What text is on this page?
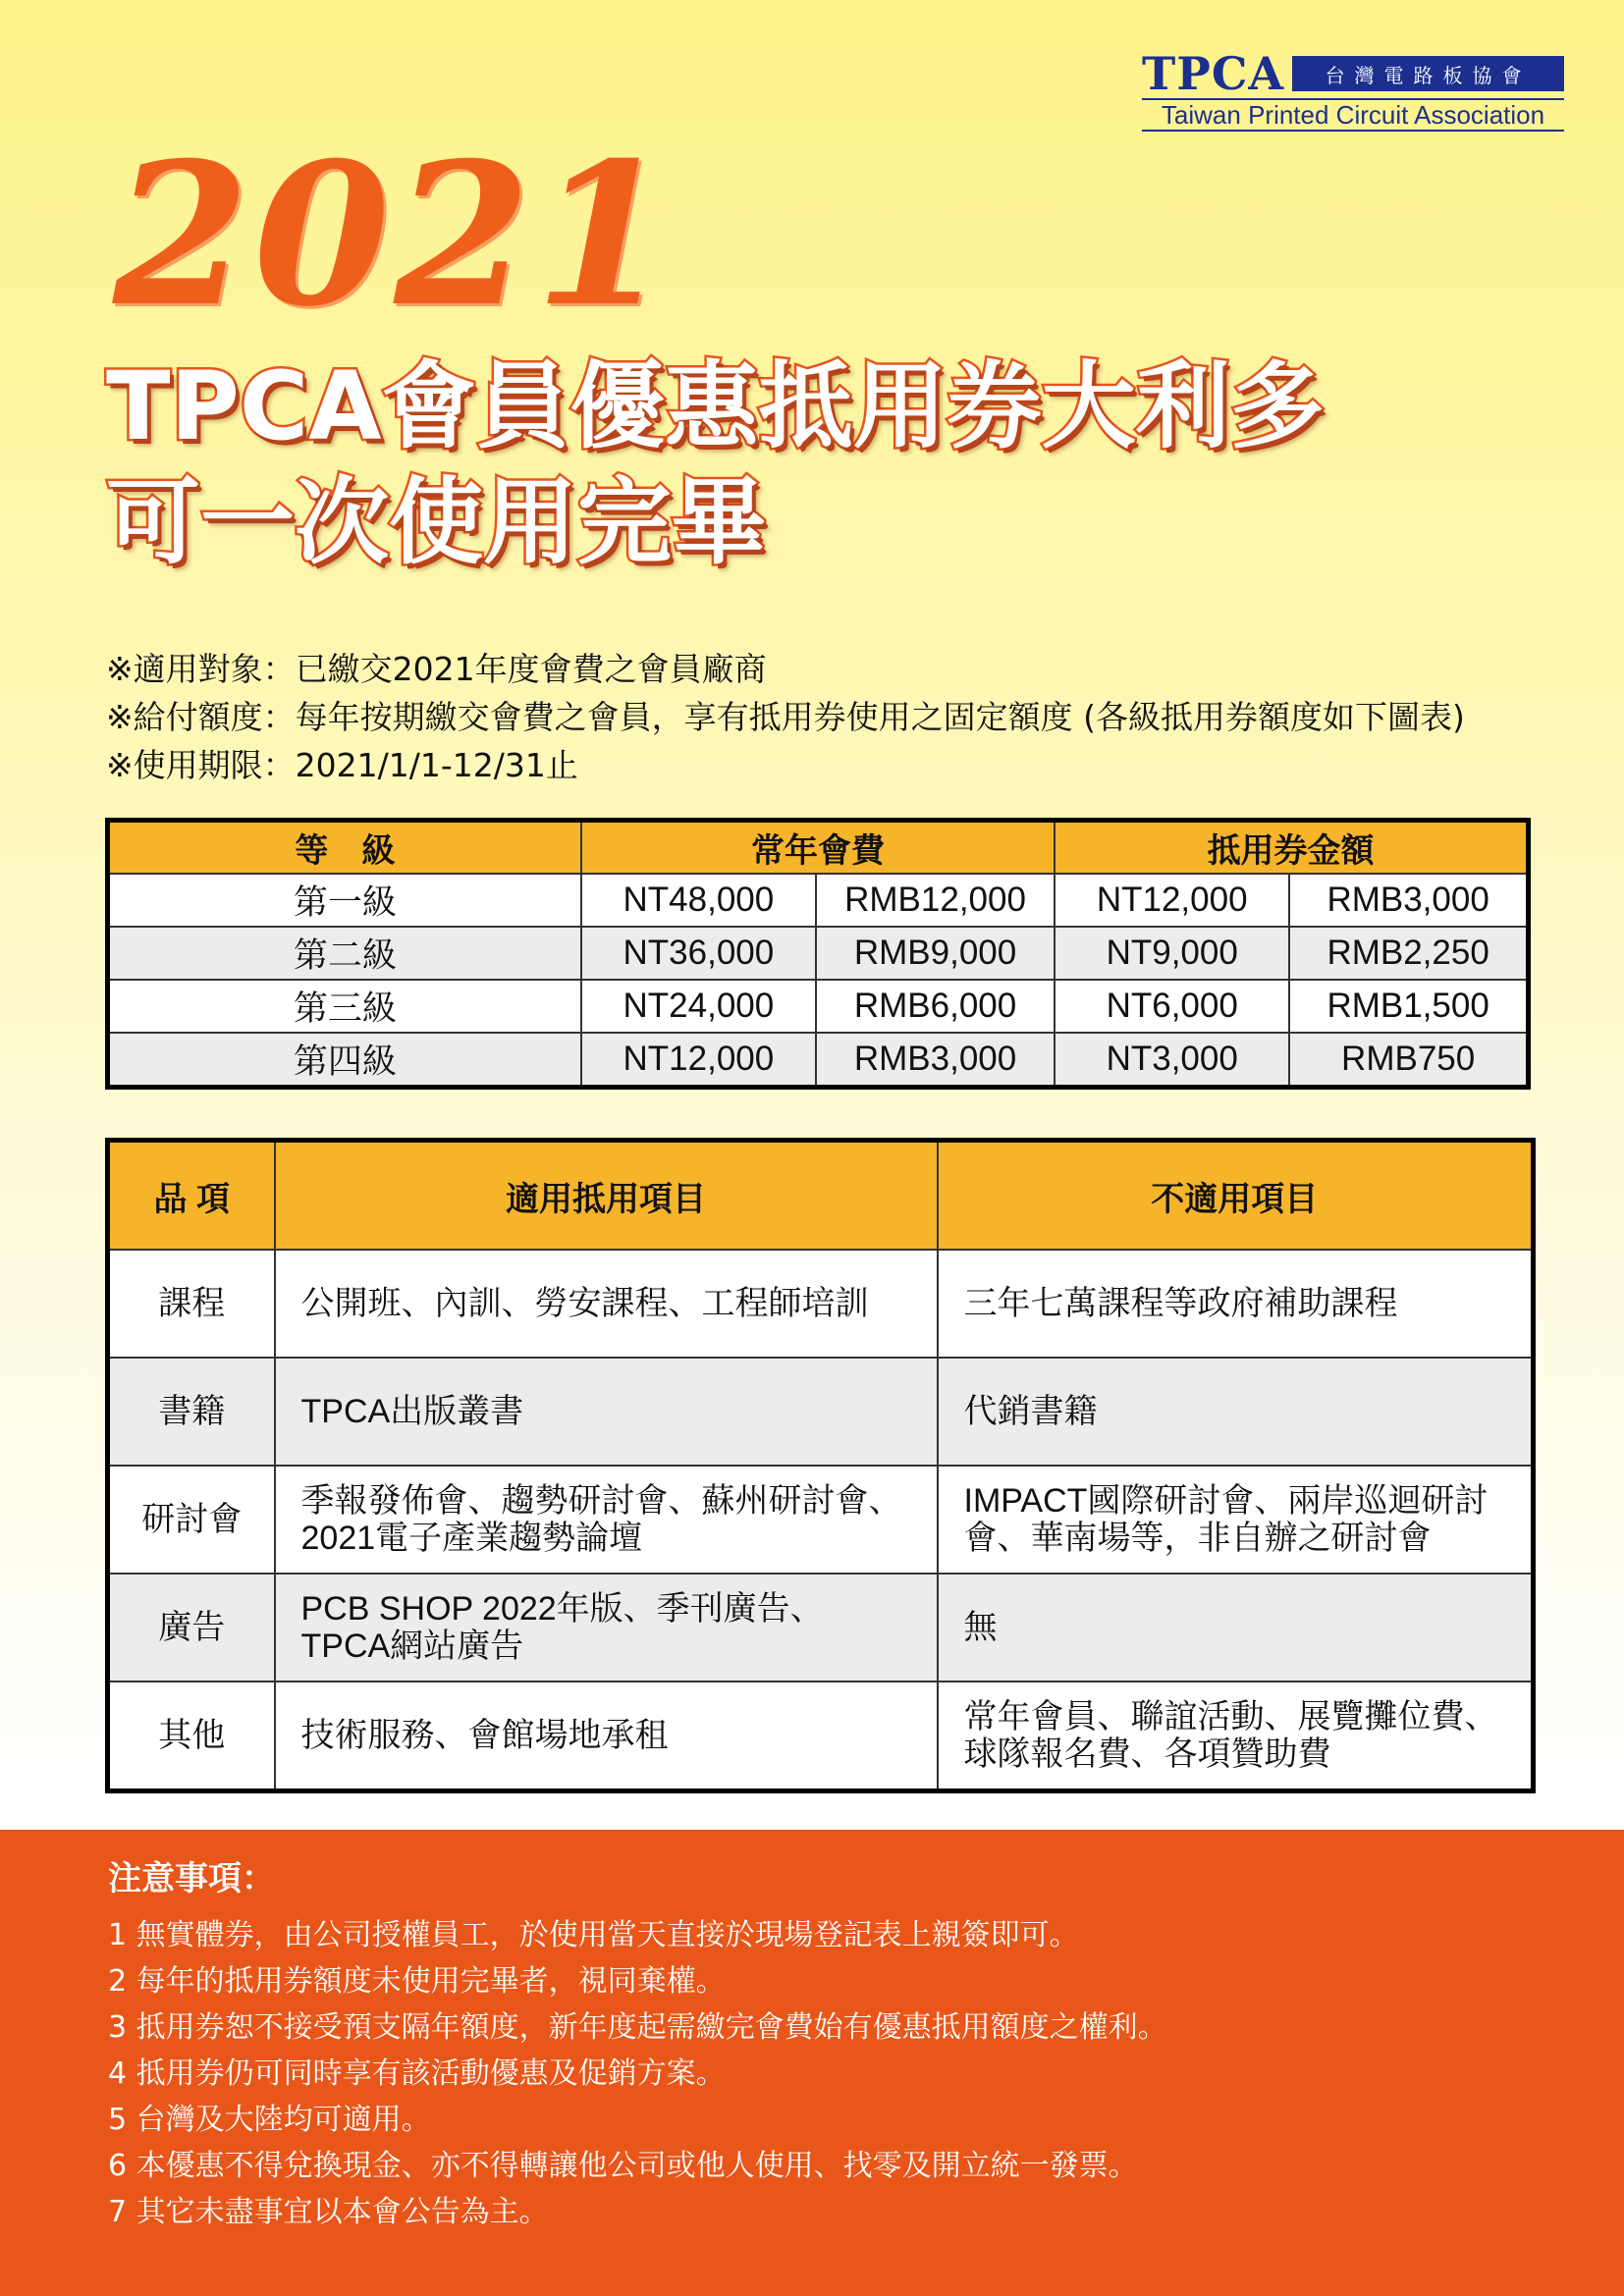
TPCA	台灣電路板協會
Taiwan Printed Circuit Association
2021
TPCA會員優惠抵用券大利多
可一次使用完畢
※適用對象：已繳交2021年度會費之會員廠商
※給付額度：每年按期繳交會費之會員，享有抵用券使用之固定額度 (各級抵用券額度如下圖表)
※使用期限：2021/1/1-12/31止
等　級	常年會費		抵用券金額	
第一級	NT48,000	RMB12,000	NT12,000	RMB3,000
第二級	NT36,000	RMB9,000	NT9,000	RMB2,250
第三級	NT24,000	RMB6,000	NT6,000	RMB1,500
第四級	NT12,000	RMB3,000	NT3,000	RMB750
品 項	適用抵用項目	不適用項目
課程	公開班、內訓、勞安課程、工程師培訓	三年七萬課程等政府補助課程
書籍	TPCA出版叢書	代銷書籍
研討會	季報發佈會、趨勢研討會、蘇州研討會、2021電子產業趨勢論壇	IMPACT國際研討會、兩岸巡迴研討會、華南場等，非自辦之研討會
廣告	PCB SHOP 2022年版、季刊廣告、TPCA網站廣告	無
其他	技術服務、會館場地承租	常年會員、聯誼活動、展覽攤位費、球隊報名費、各項贊助費
注意事項：
1 無實體券，由公司授權員工，於使用當天直接於現場登記表上親簽即可。
2 每年的抵用券額度未使用完畢者，視同棄權。
3 抵用券恕不接受預支隔年額度，新年度起需繳完會費始有優惠抵用額度之權利。
4 抵用券仍可同時享有該活動優惠及促銷方案。
5 台灣及大陸均可適用。
6 本優惠不得兌換現金、亦不得轉讓他公司或他人使用、找零及開立統一發票。
7 其它未盡事宜以本會公告為主。
